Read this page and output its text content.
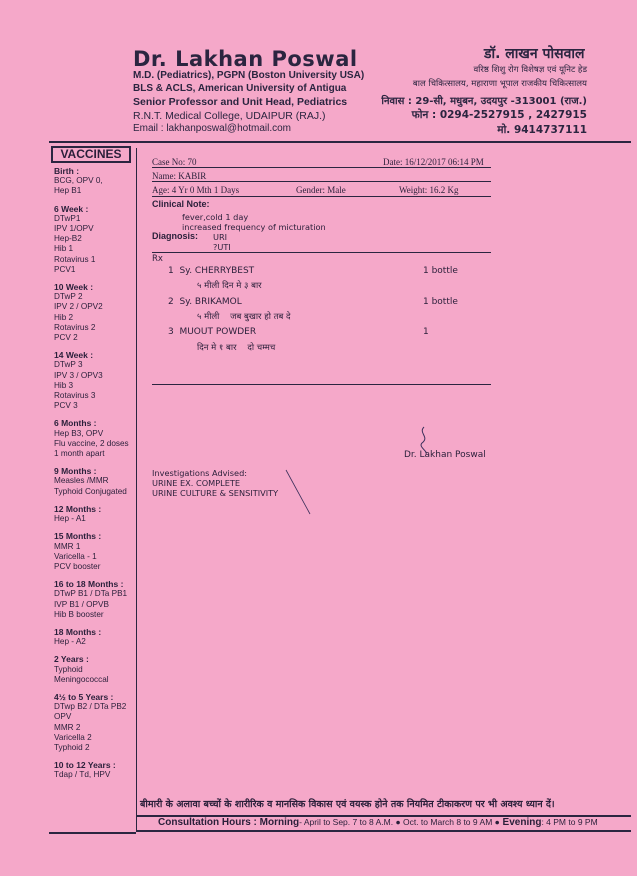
Dr. Lakhan Poswal
M.D. (Pediatrics), PGPN (Boston University USA)
BLS & ACLS, American University of Antigua
Senior Professor and Unit Head, Pediatrics
R.N.T. Medical College, UDAIPUR (RAJ.)
Email : lakhanposwal@hotmail.com
डॉ. लाखन पोसवाल
वरिष्ठ शिशु रोग विशेषज्ञ एवं यूनिट हेड
बाल चिकित्सालय, महाराणा भूपाल राजकीय चिकित्सालय
निवास : 29-सी, मधुबन, उदयपुर -313001 (राज.)
फोन : 0294-2527915 , 2427915
मो. 9414737111
VACCINES
Birth :
BCG, OPV 0,
Hep B1
6 Week :
DTwP1
IPV 1/OPV
Hep-B2
Hib 1
Rotavirus 1
PCV1
10 Week :
DTwP 2
IPV 2 / OPV2
Hib 2
Rotavirus 2
PCV 2
14 Week :
DTwP 3
IPV 3 / OPV3
Hib 3
Rotavirus 3
PCV 3
6 Months :
Hep B3, OPV
Flu vaccine, 2 doses
1 month apart
9 Months :
Measles /MMR
Typhoid Conjugated
12 Months :
Hep - A1
15 Months :
MMR 1
Varicella - 1
PCV booster
16 to 18 Months :
DTwP B1 / DTa PB1
IVP B1 / OPVB
Hib B booster
18 Months :
Hep - A2
2 Years :
Typhoid
Meningococcal
4½ to 5 Years :
DTwp B2 / DTa PB2
OPV
MMR 2
Varicella 2
Typhoid 2
10 to 12 Years :
Tdap / Td, HPV
Case No: 70	Date: 16/12/2017 06:14 PM
Name: KABIR
Age: 4 Yr 0 Mth 1 Days	Gender: Male	Weight: 16.2 Kg
Clinical Note:
fever,cold 1 day
increased frequency of micturation
Diagnosis: URI
?UTI
Rx
1  Sy. CHERRYBEST	1 bottle
५ मीली दिन मे ३ बार
2  Sy. BRIKAMOL	1 bottle
५ मीली    जब बुखार हो तब दे
3  MUOUT POWDER	1
दिन मे १ बार    दो चम्मच
Dr. Lakhan Poswal
Investigations Advised:
URINE EX. COMPLETE
URINE CULTURE & SENSITIVITY
बीमारी के अलावा बच्चों के शारीरिक व मानसिक विकास एवं वयस्क होने तक नियमित टीकाकरण पर भी अवश्य ध्यान दें।
Consultation Hours : Morning- April to Sep. 7 to 8 A.M. ● Oct. to March 8 to 9 AM ● Evening: 4 PM to 9 PM
